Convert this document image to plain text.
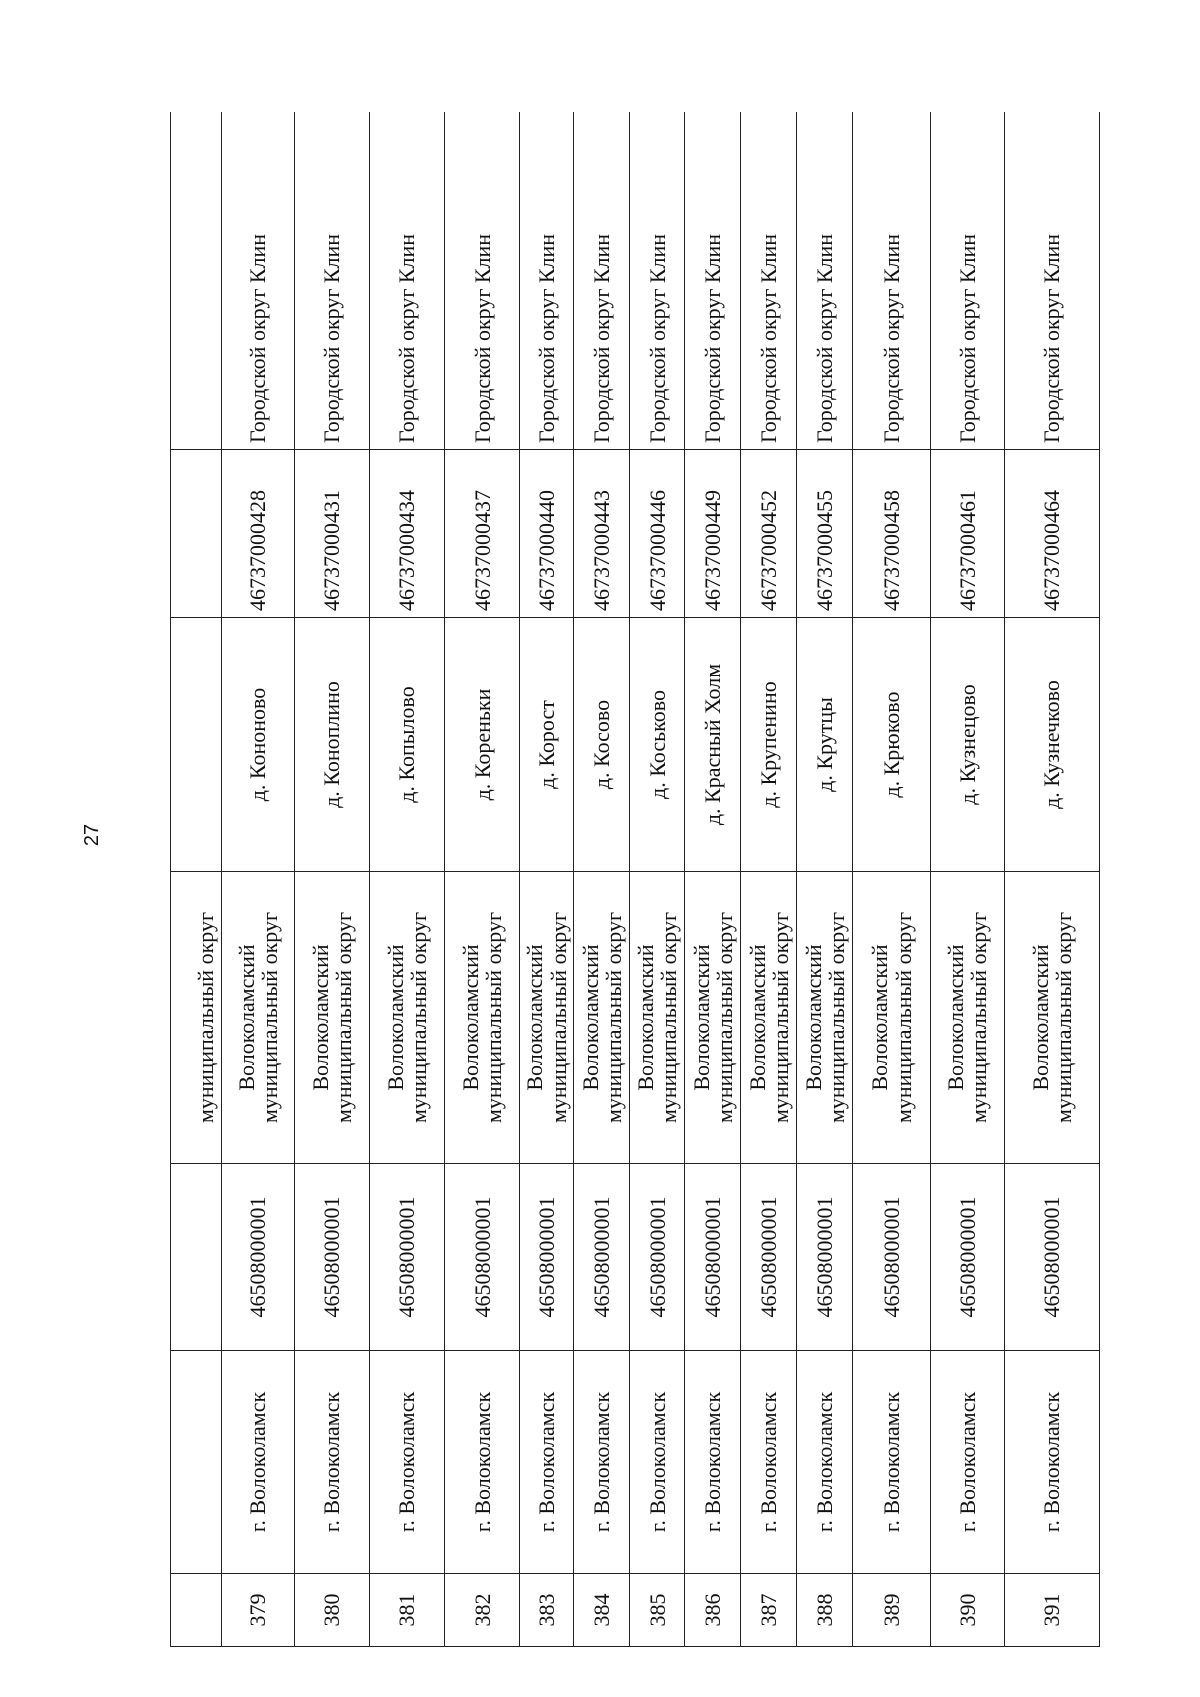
27
			муниципальный округ			
379	г. Волоколамск	46508000001	Волоколамский муниципальный округ	д. Кононово	46737000428	Городской округ Клин
380	г. Волоколамск	46508000001	Волоколамский муниципальный округ	д. Коноплино	46737000431	Городской округ Клин
381	г. Волоколамск	46508000001	Волоколамский муниципальный округ	д. Копылово	46737000434	Городской округ Клин
382	г. Волоколамск	46508000001	Волоколамский муниципальный округ	д. Кореньки	46737000437	Городской округ Клин
383	г. Волоколамск	46508000001	Волоколамский муниципальный округ	д. Корост	46737000440	Городской округ Клин
384	г. Волоколамск	46508000001	Волоколамский муниципальный округ	д. Косово	46737000443	Городской округ Клин
385	г. Волоколамск	46508000001	Волоколамский муниципальный округ	д. Коськово	46737000446	Городской округ Клин
386	г. Волоколамск	46508000001	Волоколамский муниципальный округ	д. Красный Холм	46737000449	Городской округ Клин
387	г. Волоколамск	46508000001	Волоколамский муниципальный округ	д. Крупенино	46737000452	Городской округ Клин
388	г. Волоколамск	46508000001	Волоколамский муниципальный округ	д. Крутцы	46737000455	Городской округ Клин
389	г. Волоколамск	46508000001	Волоколамский муниципальный округ	д. Крюково	46737000458	Городской округ Клин
390	г. Волоколамск	46508000001	Волоколамский муниципальный округ	д. Кузнецово	46737000461	Городской округ Клин
391	г. Волоколамск	46508000001	Волоколамский муниципальный округ	д. Кузнечково	46737000464	Городской округ Клин
